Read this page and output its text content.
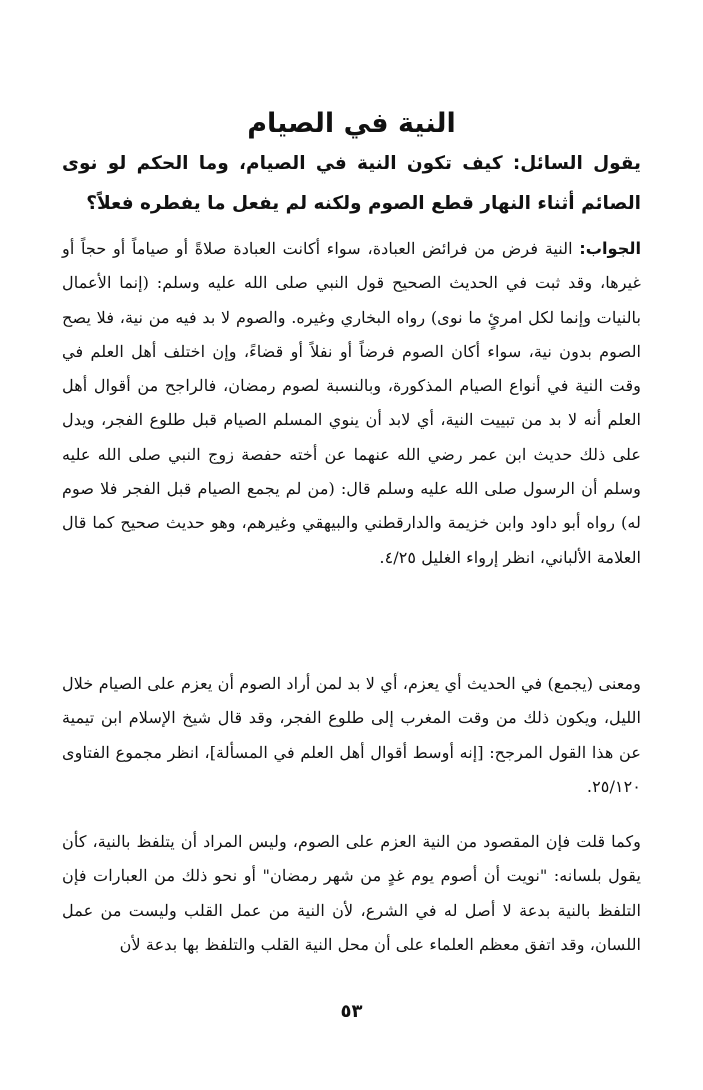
النية في الصيام
يقول السائل: كيف تكون النية في الصيام، وما الحكم لو نوى الصائم أثناء النهار قطع الصوم ولكنه لم يفعل ما يفطره فعلاً؟

الجواب: النية فرض من فرائض العبادة، سواء أكانت العبادة صلاةً أو صياماً أو حجاً أو غيرها، وقد ثبت في الحديث الصحيح قول النبي صلى الله عليه وسلم: (إنما الأعمال بالنيات وإنما لكل امرئٍ ما نوى) رواه البخاري وغيره. والصوم لا بد فيه من نية، فلا يصح الصوم بدون نية، سواء أكان الصوم فرضاً أو نفلاً أو قضاءً، وإن اختلف أهل العلم في وقت النية في أنواع الصيام المذكورة، وبالنسبة لصوم رمضان، فالراجح من أقوال أهل العلم أنه لا بد من تبييت النية، أي لابد أن ينوي المسلم الصيام قبل طلوع الفجر، ويدل على ذلك حديث ابن عمر رضي الله عنهما عن أخته حفصة زوج النبي صلى الله عليه وسلم أن الرسول صلى الله عليه وسلم قال: (من لم يجمع الصيام قبل الفجر فلا صوم له) رواه أبو داود وابن خزيمة والدارقطني والبيهقي وغيرهم، وهو حديث صحيح كما قال العلامة الألباني، انظر إرواء الغليل ٤/٢٥.

ومعنى (يجمع) في الحديث أي يعزم، أي لا بد لمن أراد الصوم أن يعزم على الصيام خلال الليل، ويكون ذلك من وقت المغرب إلى طلوع الفجر، وقد قال شيخ الإسلام ابن تيمية عن هذا القول المرجح: [إنه أوسط أقوال أهل العلم في المسألة]، انظر مجموع الفتاوى ٢٥/١٢٠.

وكما قلت فإن المقصود من النية العزم على الصوم، وليس المراد أن يتلفظ بالنية، كأن يقول بلسانه: "نويت أن أصوم يوم غدٍ من شهر رمضان" أو نحو ذلك من العبارات فإن التلفظ بالنية بدعة لا أصل له في الشرع، لأن النية من عمل القلب وليست من عمل اللسان، وقد اتفق معظم العلماء على أن محل النية القلب والتلفظ بها بدعة لأن

٥٣
